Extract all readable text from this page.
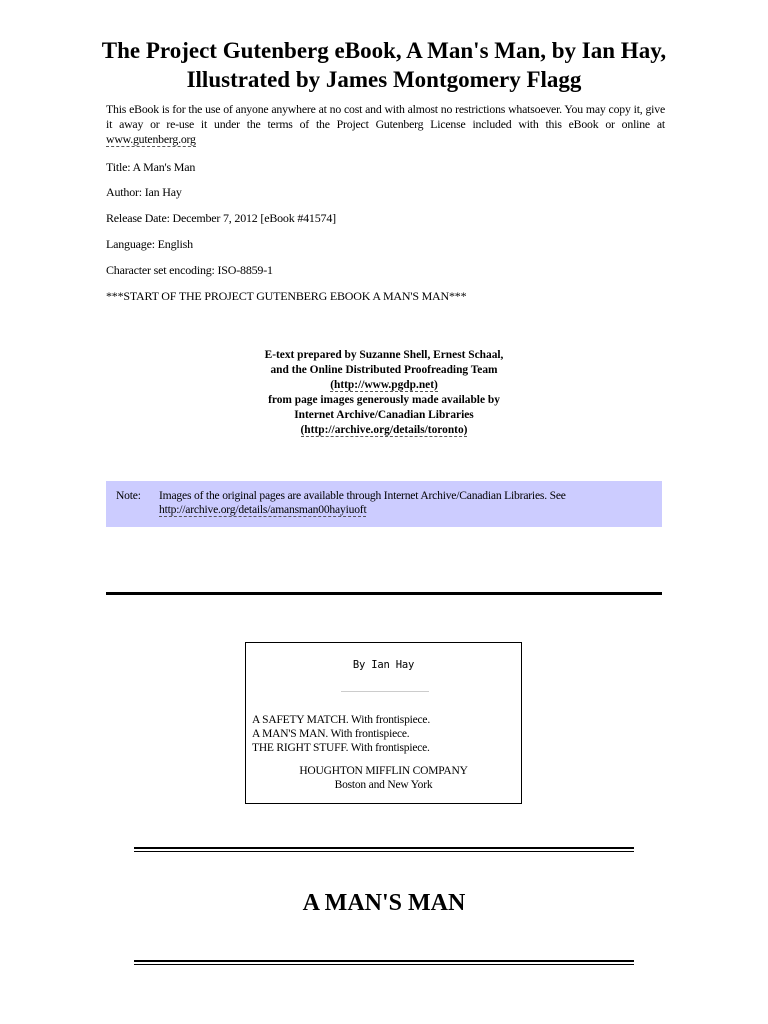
The Project Gutenberg eBook, A Man's Man, by Ian Hay, Illustrated by James Montgomery Flagg

This eBook is for the use of anyone anywhere at no cost and with almost no restrictions whatsoever. You may copy it, give it away or re-use it under the terms of the Project Gutenberg License included with this eBook or online at www.gutenberg.org

Title: A Man's Man

Author: Ian Hay

Release Date: December 7, 2012 [eBook #41574]

Language: English

Character set encoding: ISO-8859-1

***START OF THE PROJECT GUTENBERG EBOOK A MAN'S MAN***

E-text prepared by Suzanne Shell, Ernest Schaal,
and the Online Distributed Proofreading Team
(http://www.pgdp.net)
from page images generously made available by
Internet Archive/Canadian Libraries
(http://archive.org/details/toronto)
Note: Images of the original pages are available through Internet Archive/Canadian Libraries. See http://archive.org/details/amansman00hayiuoft
By Ian Hay
A SAFETY MATCH. With frontispiece.
A MAN'S MAN. With frontispiece.
THE RIGHT STUFF. With frontispiece.
HOUGHTON MIFFLIN COMPANY
Boston and New York
A MAN'S MAN
